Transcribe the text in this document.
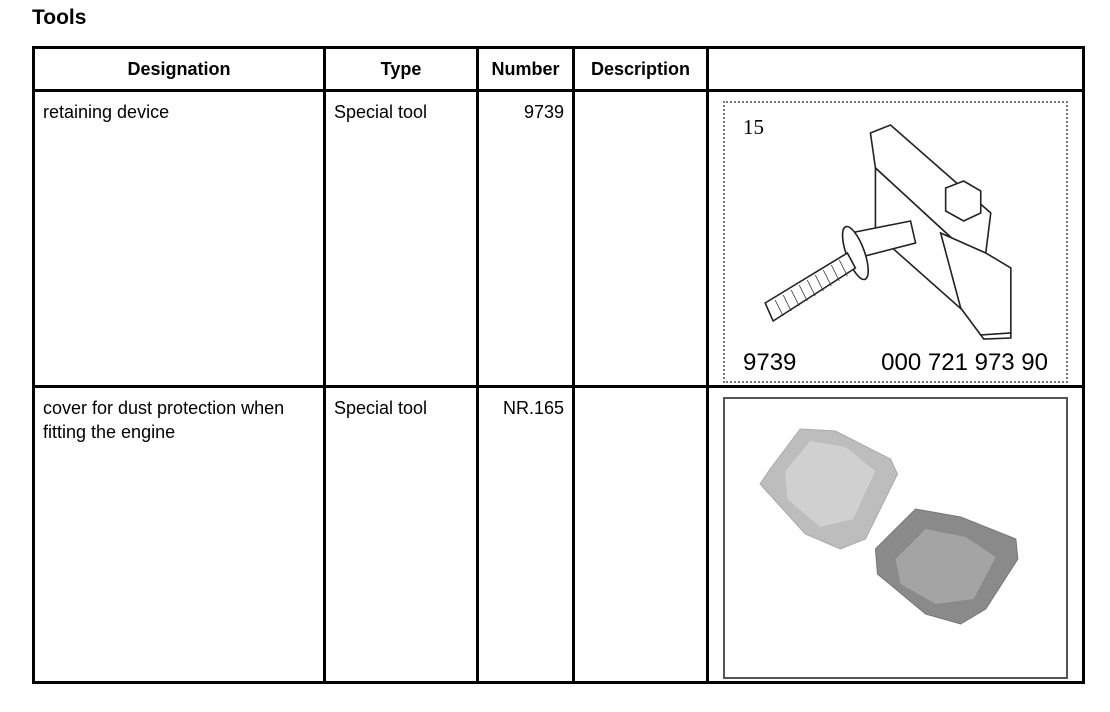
Tools
Designation	Type	Number	Description	

retaining device	Special tool	9739		15
9739 000 721 973 90

cover for dust protection when fitting the engine	Special tool	NR.165
